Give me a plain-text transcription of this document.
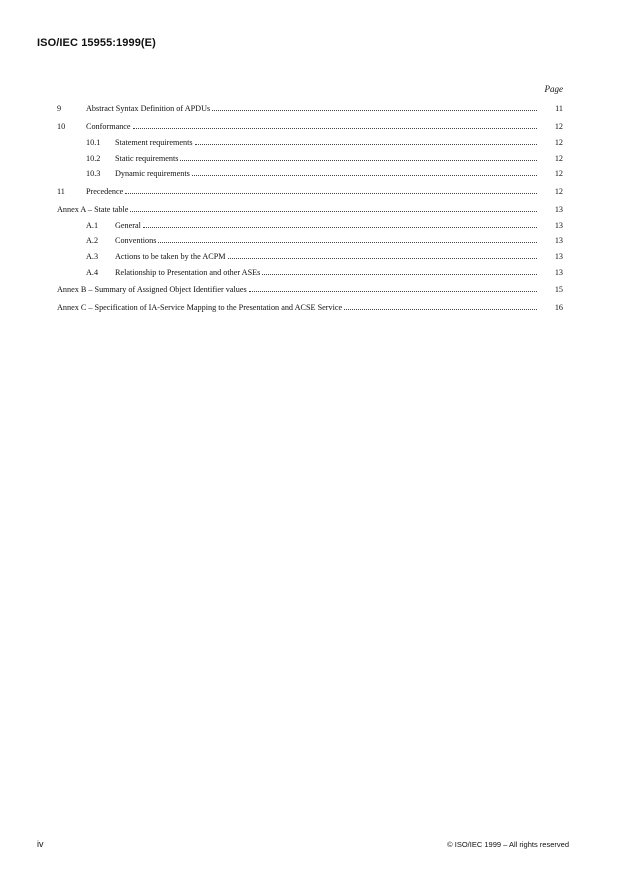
ISO/IEC 15955:1999(E)
Page
9	Abstract Syntax Definition of APDUs	11
10	Conformance	12
10.1	Statement requirements	12
10.2	Static requirements	12
10.3	Dynamic requirements	12
11	Precedence	12
Annex A – State table	13
A.1	General	13
A.2	Conventions	13
A.3	Actions to be taken by the ACPM	13
A.4	Relationship to Presentation and other ASEs	13
Annex B – Summary of Assigned Object Identifier values	15
Annex C – Specification of IA-Service Mapping to the Presentation and ACSE Service	16
iv	© ISO/IEC 1999 – All rights reserved
